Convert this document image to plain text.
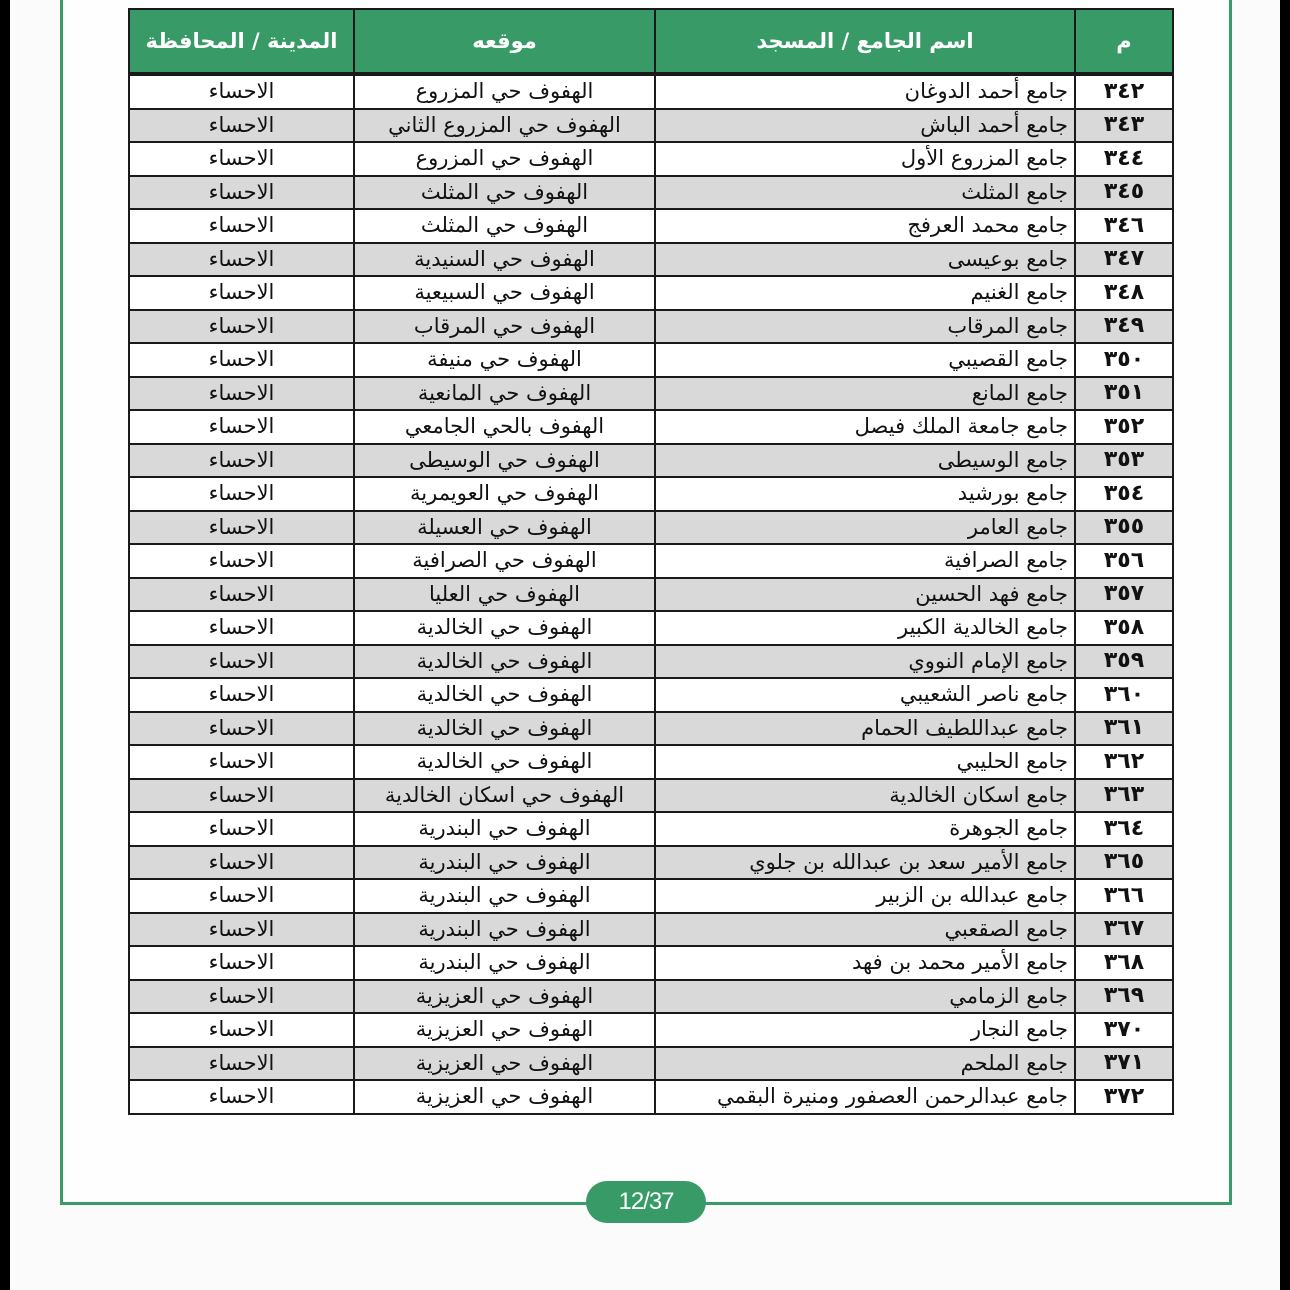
م	اسم الجامع / المسجد	موقعه	المدينة / المحافظة
٣٤٢	جامع أحمد الدوغان	الهفوف حي المزروع	الاحساء
٣٤٣	جامع أحمد الباش	الهفوف حي المزروع الثاني	الاحساء
٣٤٤	جامع المزروع الأول	الهفوف حي المزروع	الاحساء
٣٤٥	جامع المثلث	الهفوف حي المثلث	الاحساء
٣٤٦	جامع محمد العرفج	الهفوف حي المثلث	الاحساء
٣٤٧	جامع بوعيسى	الهفوف حي السنيدية	الاحساء
٣٤٨	جامع الغنيم	الهفوف حي السبيعية	الاحساء
٣٤٩	جامع المرقاب	الهفوف حي المرقاب	الاحساء
٣٥٠	جامع القصيبي	الهفوف حي منيفة	الاحساء
٣٥١	جامع المانع	الهفوف حي المانعية	الاحساء
٣٥٢	جامع جامعة الملك فيصل	الهفوف بالحي الجامعي	الاحساء
٣٥٣	جامع الوسيطى	الهفوف حي الوسيطى	الاحساء
٣٥٤	جامع بورشيد	الهفوف حي العويمرية	الاحساء
٣٥٥	جامع العامر	الهفوف حي العسيلة	الاحساء
٣٥٦	جامع الصرافية	الهفوف حي الصرافية	الاحساء
٣٥٧	جامع فهد الحسين	الهفوف حي العليا	الاحساء
٣٥٨	جامع الخالدية الكبير	الهفوف حي الخالدية	الاحساء
٣٥٩	جامع الإمام النووي	الهفوف حي الخالدية	الاحساء
٣٦٠	جامع ناصر الشعيبي	الهفوف حي الخالدية	الاحساء
٣٦١	جامع عبداللطيف الحمام	الهفوف حي الخالدية	الاحساء
٣٦٢	جامع الحليبي	الهفوف حي الخالدية	الاحساء
٣٦٣	جامع اسكان الخالدية	الهفوف حي اسكان الخالدية	الاحساء
٣٦٤	جامع الجوهرة	الهفوف حي البندرية	الاحساء
٣٦٥	جامع الأمير سعد بن عبدالله بن جلوي	الهفوف حي البندرية	الاحساء
٣٦٦	جامع عبدالله بن الزبير	الهفوف حي البندرية	الاحساء
٣٦٧	جامع الصقعبي	الهفوف حي البندرية	الاحساء
٣٦٨	جامع الأمير محمد بن فهد	الهفوف حي البندرية	الاحساء
٣٦٩	جامع الزمامي	الهفوف حي العزيزية	الاحساء
٣٧٠	جامع النجار	الهفوف حي العزيزية	الاحساء
٣٧١	جامع الملحم	الهفوف حي العزيزية	الاحساء
٣٧٢	جامع عبدالرحمن العصفور ومنيرة البقمي	الهفوف حي العزيزية	الاحساء
12/37
